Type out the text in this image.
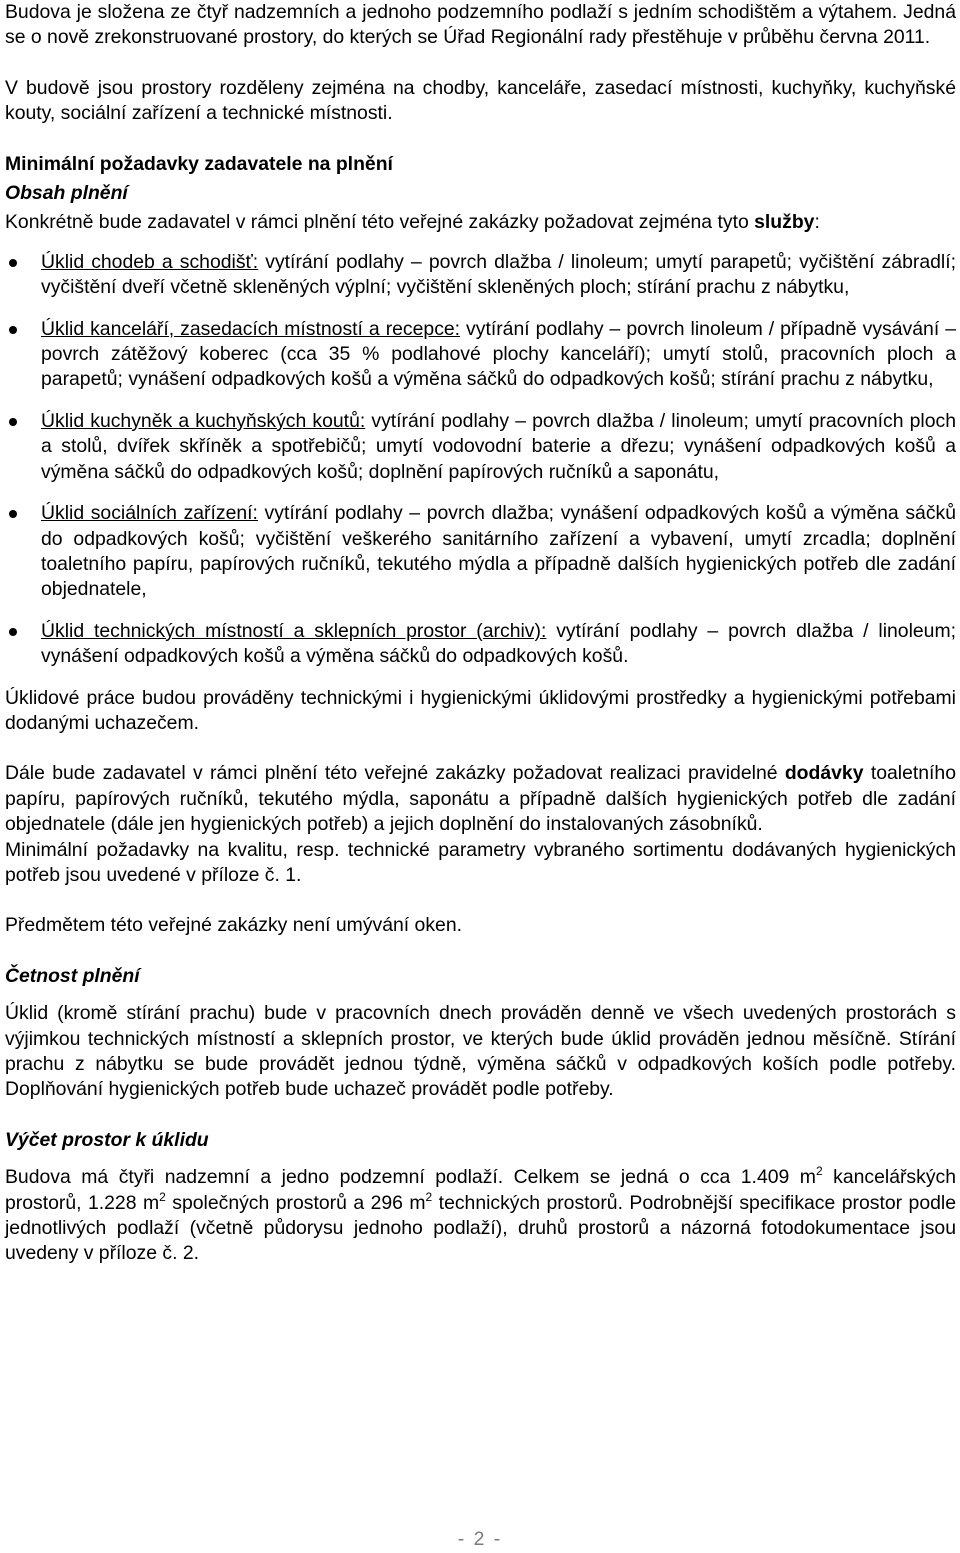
Budova je složena ze čtyř nadzemních a jednoho podzemního podlaží s jedním schodištěm a výtahem. Jedná se o nově zrekonstruované prostory, do kterých se Úřad Regionální rady přestěhuje v průběhu června 2011.

V budově jsou prostory rozděleny zejména na chodby, kanceláře, zasedací místnosti, kuchyňky, kuchyňské kouty, sociální zařízení a technické místnosti.

Minimální požadavky zadavatele na plnění

Obsah plnění

Konkrétně bude zadavatel v rámci plnění této veřejné zakázky požadovat zejména tyto služby:

Úklid chodeb a schodišť: vytírání podlahy – povrch dlažba / linoleum; umytí parapetů; vyčištění zábradlí; vyčištění dveří včetně skleněných výplní; vyčištění skleněných ploch; stírání prachu z nábytku,
Úklid kanceláří, zasedacích místností a recepce: vytírání podlahy – povrch linoleum / případně vysávání – povrch zátěžový koberec (cca 35 % podlahové plochy kanceláří); umytí stolů, pracovních ploch a parapetů; vynášení odpadkových košů a výměna sáčků do odpadkových košů; stírání prachu z nábytku,
Úklid kuchyněk a kuchyňských koutů: vytírání podlahy – povrch dlažba / linoleum; umytí pracovních ploch a stolů, dvířek skříněk a spotřebičů; umytí vodovodní baterie a dřezu; vynášení odpadkových košů a výměna sáčků do odpadkových košů; doplnění papírových ručníků a saponátu,
Úklid sociálních zařízení: vytírání podlahy – povrch dlažba; vynášení odpadkových košů a výměna sáčků do odpadkových košů; vyčištění veškerého sanitárního zařízení a vybavení, umytí zrcadla; doplnění toaletního papíru, papírových ručníků, tekutého mýdla a případně dalších hygienických potřeb dle zadání objednatele,
Úklid technických místností a sklepních prostor (archiv): vytírání podlahy – povrch dlažba / linoleum; vynášení odpadkových košů a výměna sáčků do odpadkových košů.

Úklidové práce budou prováděny technickými i hygienickými úklidovými prostředky a hygienickými potřebami dodanými uchazečem.

Dále bude zadavatel v rámci plnění této veřejné zakázky požadovat realizaci pravidelné dodávky toaletního papíru, papírových ručníků, tekutého mýdla, saponátu a případně dalších hygienických potřeb dle zadání objednatele (dále jen hygienických potřeb) a jejich doplnění do instalovaných zásobníků.

Minimální požadavky na kvalitu, resp. technické parametry vybraného sortimentu dodávaných hygienických potřeb jsou uvedené v příloze č. 1.

Předmětem této veřejné zakázky není umývání oken.

Četnost plnění

Úklid (kromě stírání prachu) bude v pracovních dnech prováděn denně ve všech uvedených prostorách s výjimkou technických místností a sklepních prostor, ve kterých bude úklid prováděn jednou měsíčně. Stírání prachu z nábytku se bude provádět jednou týdně, výměna sáčků v odpadkových koších podle potřeby. Doplňování hygienických potřeb bude uchazeč provádět podle potřeby.

Výčet prostor k úklidu

Budova má čtyři nadzemní a jedno podzemní podlaží. Celkem se jedná o cca 1.409 $m^2$ kancelářských prostorů, 1.228 $m^2$ společných prostorů a 296 $m^2$ technických prostorů. Podrobnější specifikace prostor podle jednotlivých podlaží (včetně půdorysu jednoho podlaží), druhů prostorů a názorná fotodokumentace jsou uvedeny v příloze č. 2.

- 2 -
